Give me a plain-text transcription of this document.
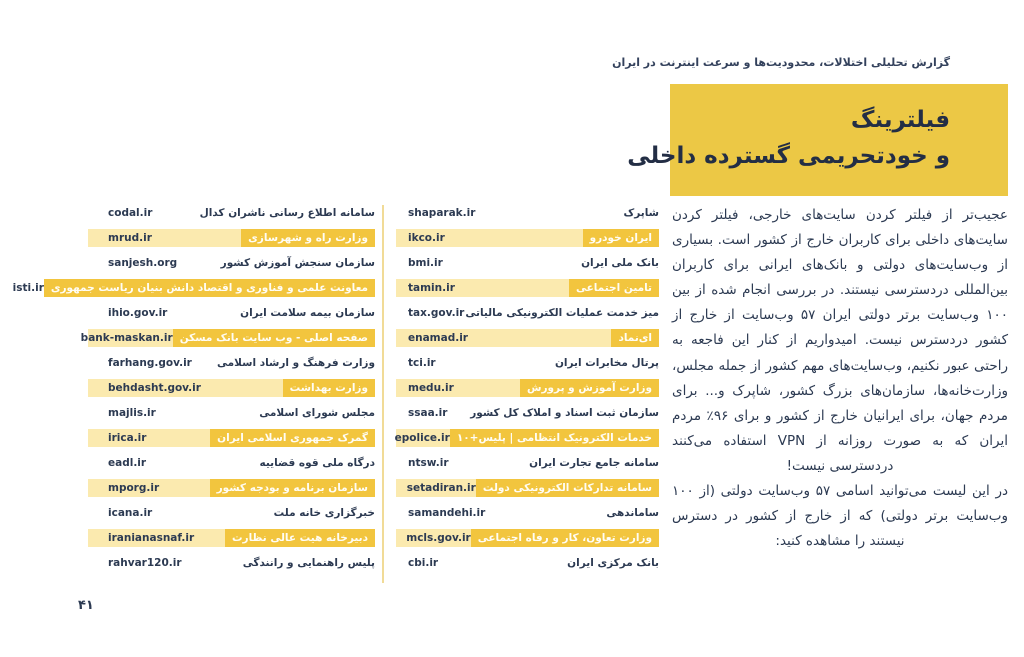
گزارش تحلیلی اختلالات، محدودیت‌ها و سرعت اینترنت در ایران
فیلترینگ
و خودتحریمی گسترده داخلی

عجیب‌تر از فیلتر کردن سایت‌های خارجی، فیلتر کردن سایت‌های داخلی برای کاربران خارج از کشور است. بسیاری از وب‌سایت‌های دولتی و بانک‌های ایرانی برای کاربران بین‌المللی دردسترسی نیستند. در بررسی انجام شده از بین ۱۰۰ وب‌سایت برتر دولتی ایران ۵۷ وب‌سایت از خارج از کشور دردسترس نیست. امیدواریم از کنار این فاجعه به راحتی عبور نکنیم، وب‌سایت‌های مهم کشور از جمله مجلس، وزارت‌خانه‌ها، سازمان‌های بزرگ کشور، شاپرک و... برای مردم جهان، برای ایرانیان خارج از کشور و برای ۹۶٪ مردم ایران که به صورت روزانه از VPN استفاده می‌کنند دردسترسی نیست!

در این لیست می‌توانید اسامی ۵۷ وب‌سایت دولتی (از ۱۰۰ وب‌سایت برتر دولتی) که از خارج از کشور در دسترس نیستند را مشاهده کنید:

شاپرک
shaparak.ir
ایران خودرو
ikco.ir
بانک ملی ایران
bmi.ir
تامین اجتماعی
tamin.ir
میز خدمت عملیات الکترونیکی مالیاتی
tax.gov.ir
ای‌نماد
enamad.ir
پرتال مخابرات ایران
tci.ir
وزارت آموزش و پرورش
medu.ir
سازمان ثبت اسناد و املاک کل کشور
ssaa.ir
خدمات الکترونیک انتظامی | پلیس+۱۰
epolice.ir
سامانه جامع تجارت ایران
ntsw.ir
سامانه تدارکات الکترونیکی دولت
setadiran.ir
ساماندهی
samandehi.ir
وزارت تعاون، کار و رفاه اجتماعی
mcls.gov.ir
بانک مرکزی ایران
cbi.ir
سامانه اطلاع رسانی ناشران کدال
codal.ir
وزارت راه و شهرسازی
mrud.ir
سازمان سنجش آموزش کشور
sanjesh.org
معاونت علمی و فناوری و اقتصاد دانش بنیان ریاست جمهوری
isti.ir
سازمان بیمه سلامت ایران
ihio.gov.ir
صفحه اصلی - وب سایت بانک مسکن
bank-maskan.ir
وزارت فرهنگ و ارشاد اسلامی
farhang.gov.ir
وزارت بهداشت
behdasht.gov.ir
مجلس شورای اسلامی
majlis.ir
گمرک جمهوری اسلامی ایران
irica.ir
درگاه ملی قوه قضاییه
eadl.ir
سازمان برنامه و بودجه کشور
mporg.ir
خبرگزاری خانه ملت
icana.ir
دبیرخانه هیت عالی نظارت
iranianasnaf.ir
پلیس راهنمایی و رانندگی
rahvar120.ir
۴۱
